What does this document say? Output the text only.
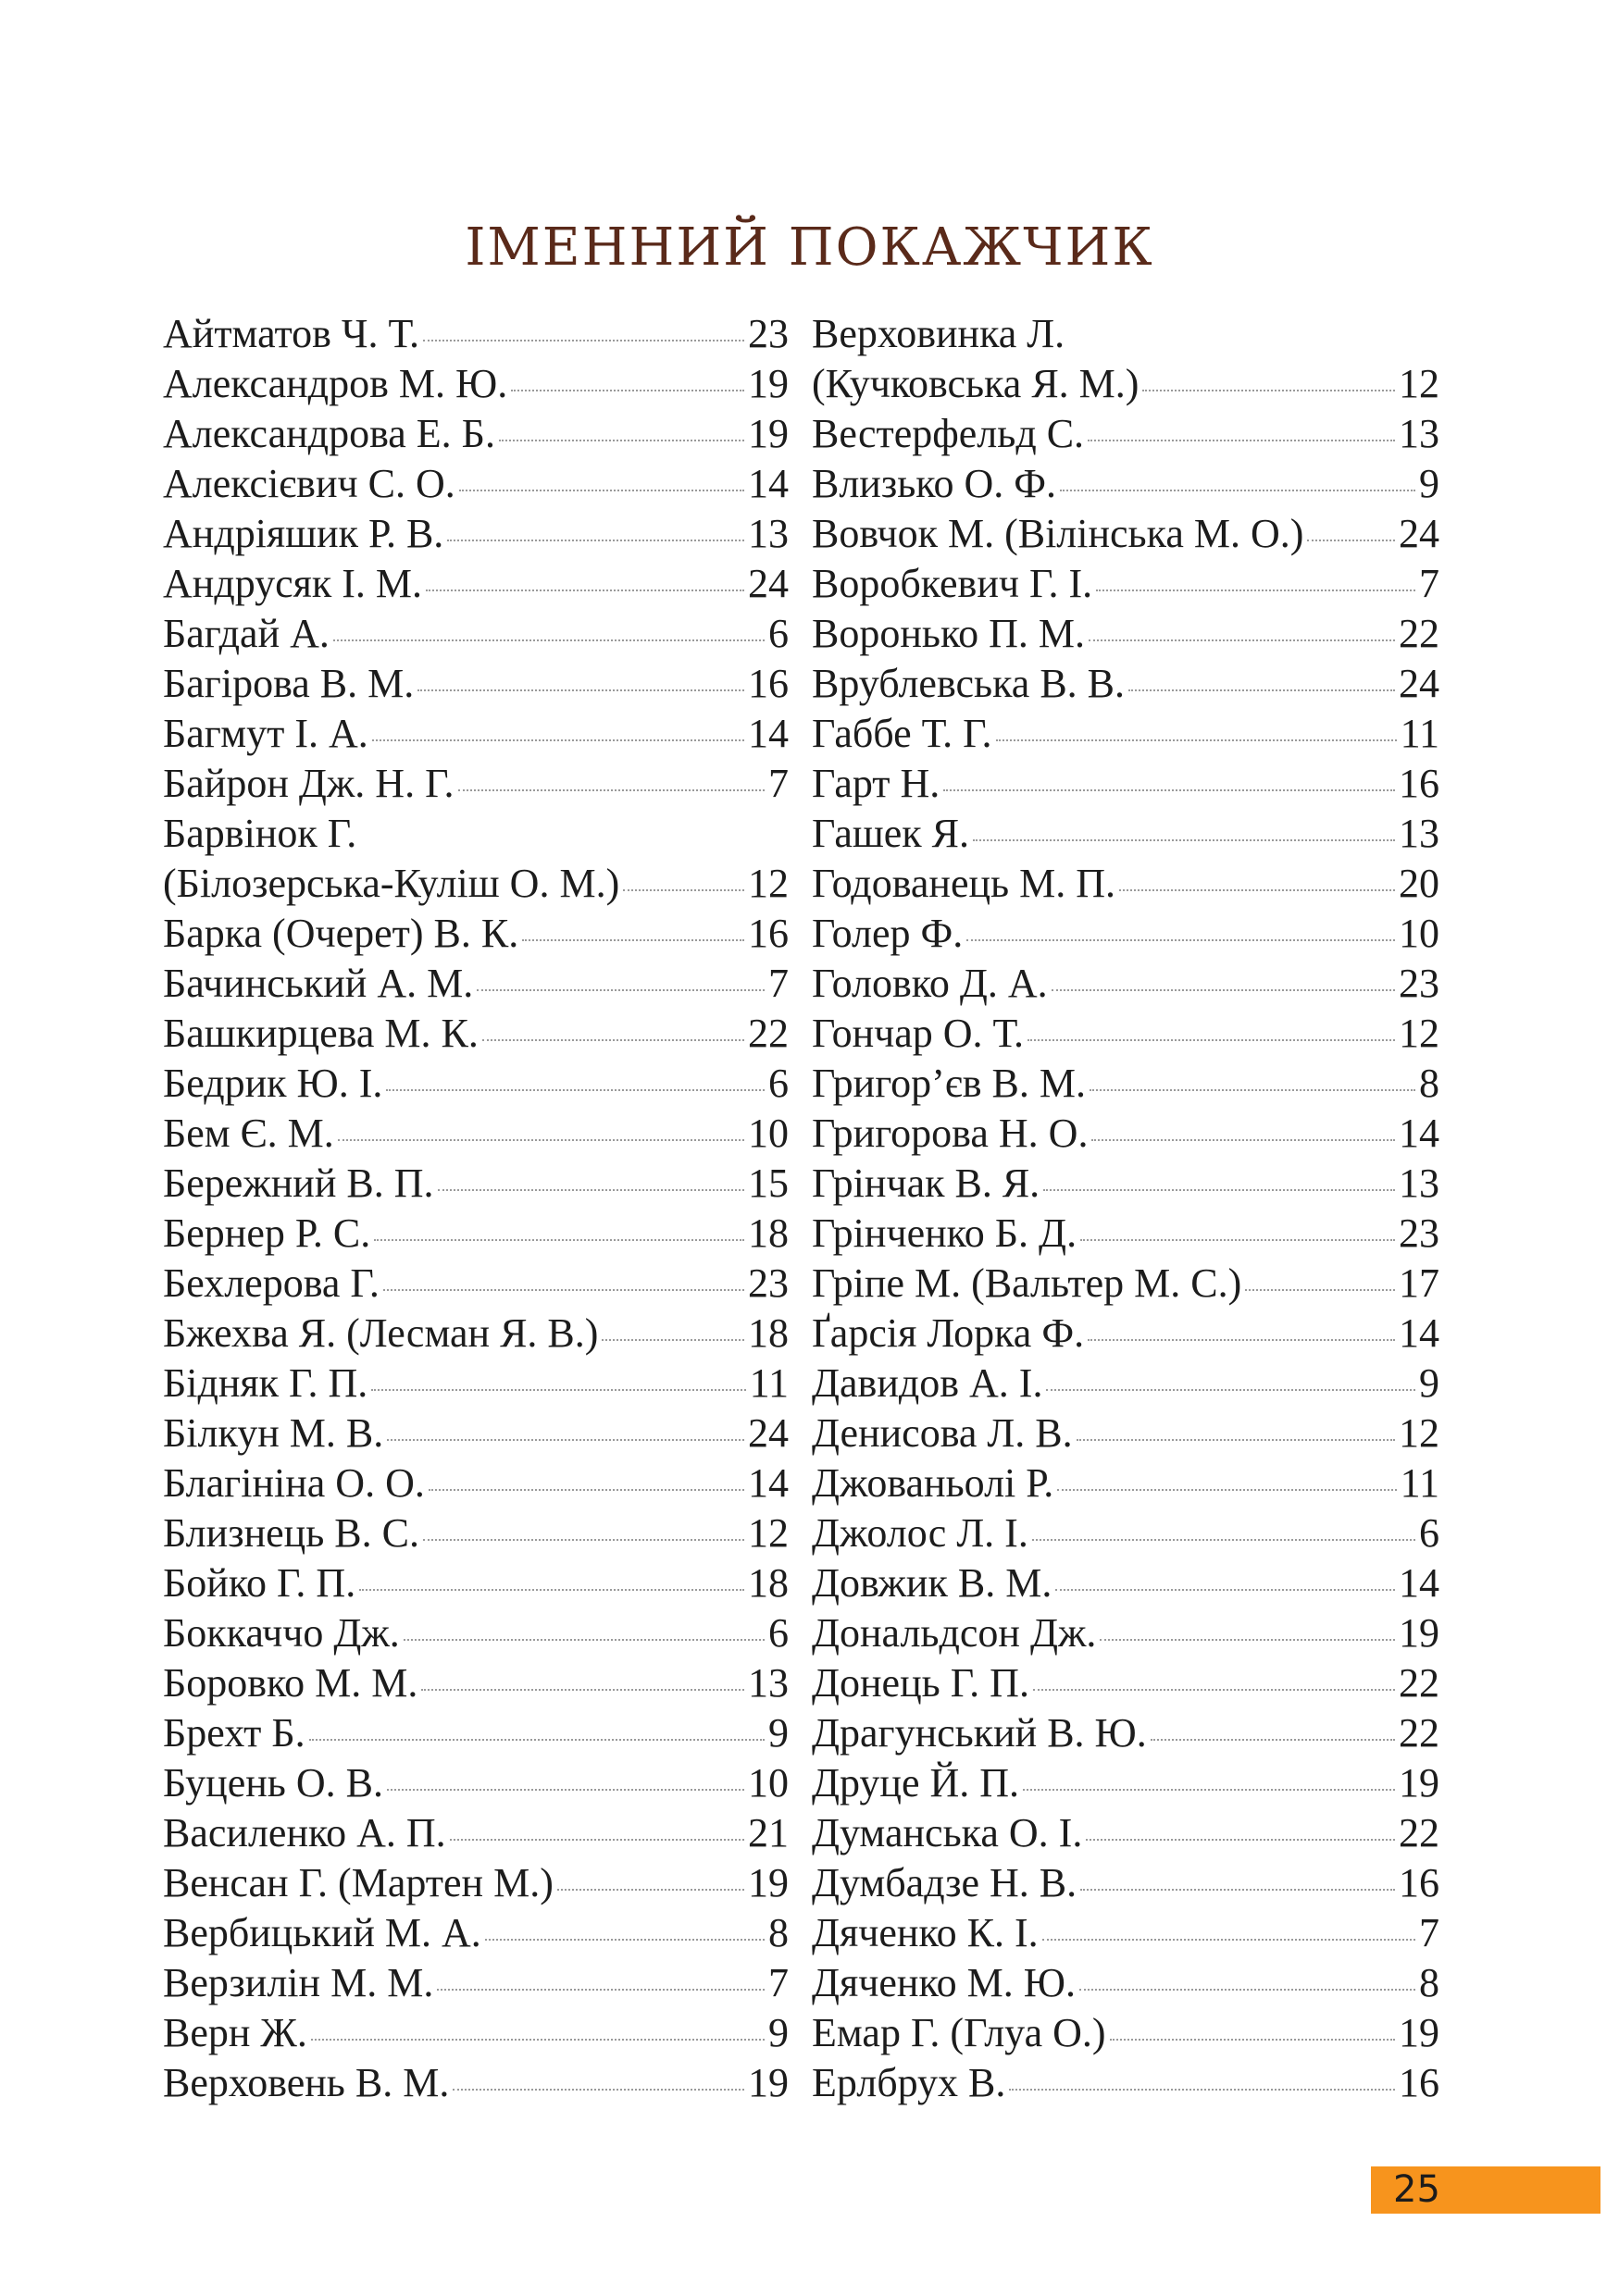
ІМЕННИЙ ПОКАЖЧИК
Айтматов Ч. Т.	23
Александров М. Ю.	19
Александрова Е. Б.	19
Алексієвич С. О.	14
Андріяшик Р. В.	13
Андрусяк І. М.	24
Багдай А.	6
Багірова В. М.	16
Багмут І. А.	14
Байрон Дж. Н. Г.	7
Барвінок Г.
(Білозерська-Куліш О. М.)	12
Барка (Очерет) В. К.	16
Бачинський А. М.	7
Башкирцева М. К.	22
Бедрик Ю. І.	6
Бем Є. М.	10
Бережний В. П.	15
Бернер Р. С.	18
Бехлерова Г.	23
Бжехва Я. (Лесман Я. В.)	18
Бідняк Г. П.	11
Білкун М. В.	24
Благініна О. О.	14
Близнець В. С.	12
Бойко Г. П.	18
Боккаччо Дж.	6
Боровко М. М.	13
Брехт Б.	9
Буцень О. В.	10
Василенко А. П.	21
Венсан Г. (Мартен М.)	19
Вербицький М. А.	8
Верзилін М. М.	7
Верн Ж.	9
Верховень В. М.	19
Верховинка Л.
(Кучковська Я. М.)	12
Вестерфельд С.	13
Влизько О. Ф.	9
Вовчок М. (Вілінська М. О.) 24
Воробкевич Г. І.	7
Воронько П. М.	22
Врублевська В. В.	24
Габбе Т. Г.	11
Гарт Н.	16
Гашек Я.	13
Годованець М. П.	20
Голер Ф.	10
Головко Д. А.	23
Гончар О. Т.	12
Григор’єв В. М.	8
Григорова Н. О.	14
Грінчак В. Я.	13
Грінченко Б. Д.	23
Гріпе М. (Вальтер М. С.)	17
Ґарсія Лорка Ф.	14
Давидов А. І.	9
Денисова Л. В.	12
Джованьолі Р.	11
Джолос Л. І.	6
Довжик В. М.	14
Дональдсон Дж.	19
Донець Г. П.	22
Драгунський В. Ю.	22
Друце Й. П.	19
Думанська О. І.	22
Думбадзе Н. В.	16
Дяченко К. І.	7
Дяченко М. Ю.	8
Емар Г. (Глуа О.)	19
Ерлбрух В.	16
25
